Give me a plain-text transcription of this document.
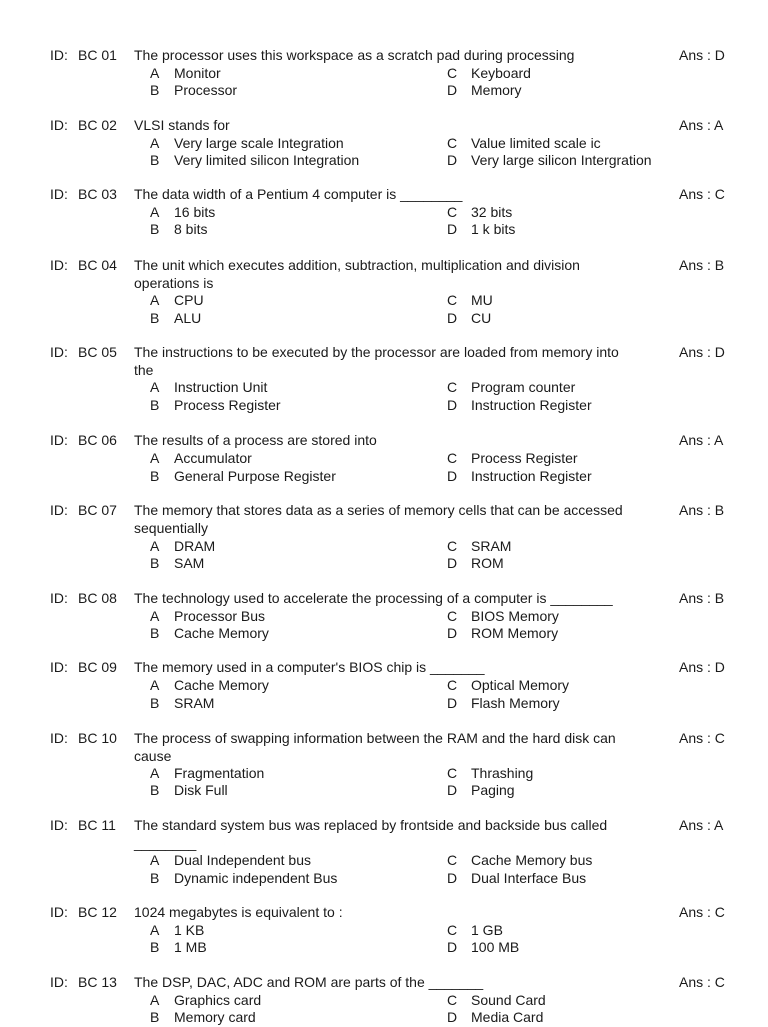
ID: BC 01 The processor uses this workspace as a scratch pad during processing	Ans : D
A Monitor
B Processor
C Keyboard
D Memory
ID: BC 02 VLSI stands for	Ans : A
A Very large scale Integration
B Very limited silicon Integration
C Value limited scale ic
D Very large silicon Intergration
ID: BC 03 The data width of a Pentium 4 computer is ________	Ans : C
A 16 bits
B 8 bits
C 32 bits
D 1 k bits
ID: BC 04 The unit which executes addition, subtraction, multiplication and division operations is
Ans : B
A CPU
B ALU
C MU
D CU
ID: BC 05 The instructions to be executed by the processor are loaded from memory into the
Ans : D
A Instruction Unit
B Process Register
C Program counter
D Instruction Register
ID: BC 06 The results of a process are stored into	Ans : A
A Accumulator
B General Purpose Register
C Process Register
D Instruction Register
ID: BC 07 The memory that stores data as a series of memory cells that can be accessed sequentially
Ans : B
A DRAM
B SAM
C SRAM
D ROM
ID: BC 08 The technology used to accelerate the processing of a computer is ________	Ans : B
A Processor Bus
B Cache Memory
C BIOS Memory
D ROM Memory
ID: BC 09 The memory used in a computer's BIOS chip is _______	Ans : D
A Cache Memory
B SRAM
C Optical Memory
D Flash Memory
ID: BC 10 The process of swapping information between the RAM and the hard disk can cause
Ans : C
A Fragmentation
B Disk Full
C Thrashing
D Paging
ID: BC 11 The standard system bus was replaced by frontside and backside bus called ________
Ans : A
A Dual Independent bus
B Dynamic independent Bus
C Cache Memory bus
D Dual Interface Bus
ID: BC 12 1024 megabytes is equivalent to :	Ans : C
A 1 KB
B 1 MB
C 1 GB
D 100 MB
ID: BC 13 The DSP, DAC, ADC and ROM are parts of the _______	Ans : C
A Graphics card
B Memory card
C Sound Card
D Media Card
